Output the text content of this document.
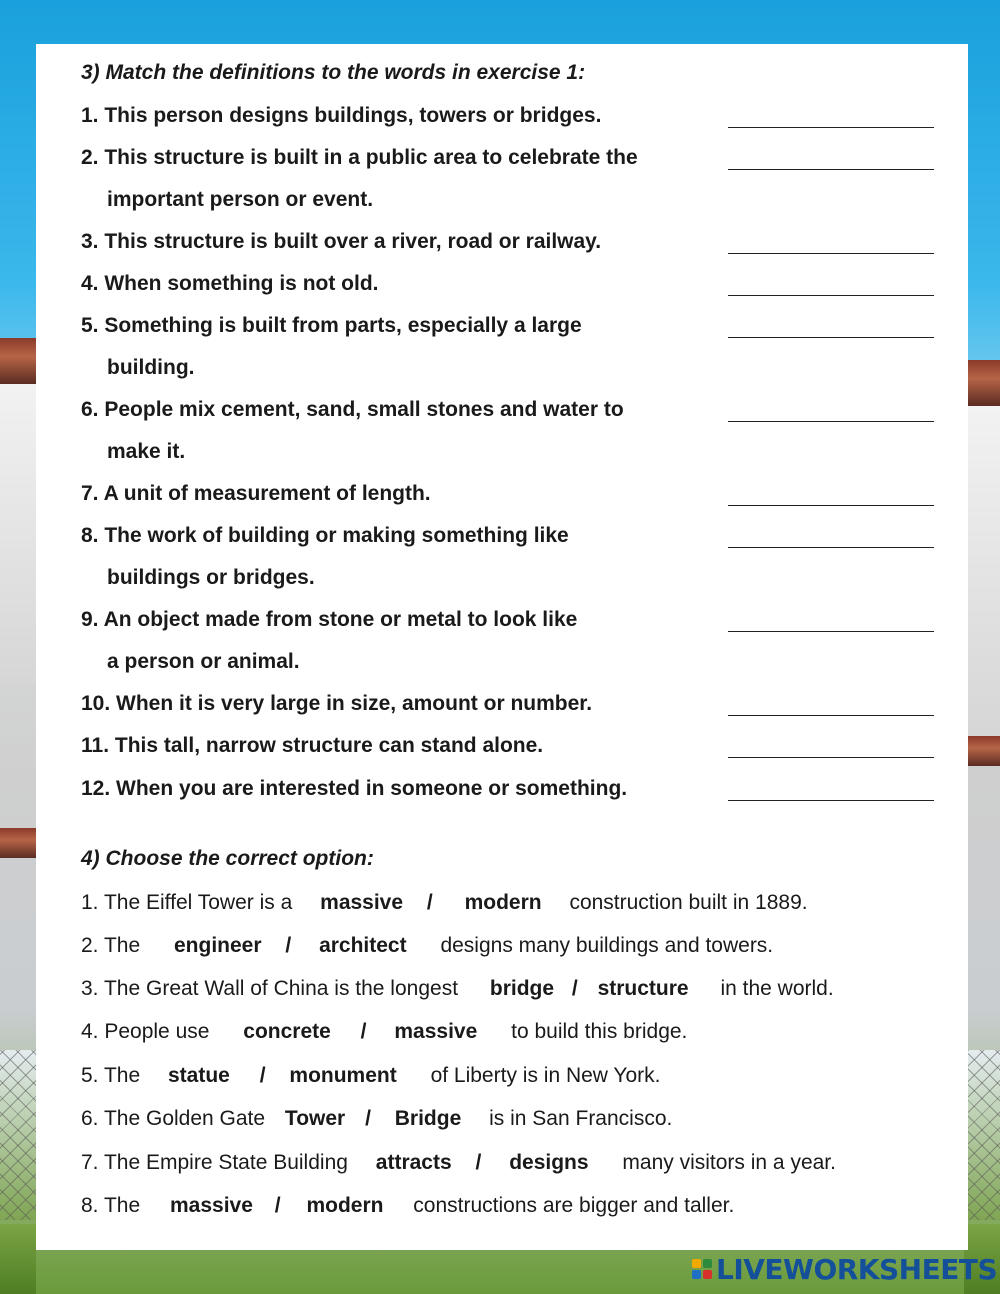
3) Match the definitions to the words in exercise 1:
1. This person designs buildings, towers or bridges.
2. This structure is built in a public area to celebrate the
important person or event.
3. This structure is built over a river, road or railway.
4. When something is not old.
5. Something is built from parts, especially a large
building.
6. People mix cement, sand, small stones and water to
make it.
7. A unit of measurement of length.
8. The work of building or making something like
buildings or bridges.
9. An object made from stone or metal to look like
a person or animal.
10. When it is very large in size, amount or number.
11. This tall, narrow structure can stand alone.
12. When you are interested in someone or something.
4) Choose the correct option:
1. The Eiffel Tower is a massive / modern construction built in 1889.
2. The engineer / architect designs many buildings and towers.
3. The Great Wall of China is the longest bridge / structure in the world.
4. People use concrete / massive to build this bridge.
5. The statue / monument of Liberty is in New York.
6. The Golden Gate Tower / Bridge is in San Francisco.
7. The Empire State Building attracts / designs many visitors in a year.
8. The massive / modern constructions are bigger and taller.
LIVEWORKSHEETS
